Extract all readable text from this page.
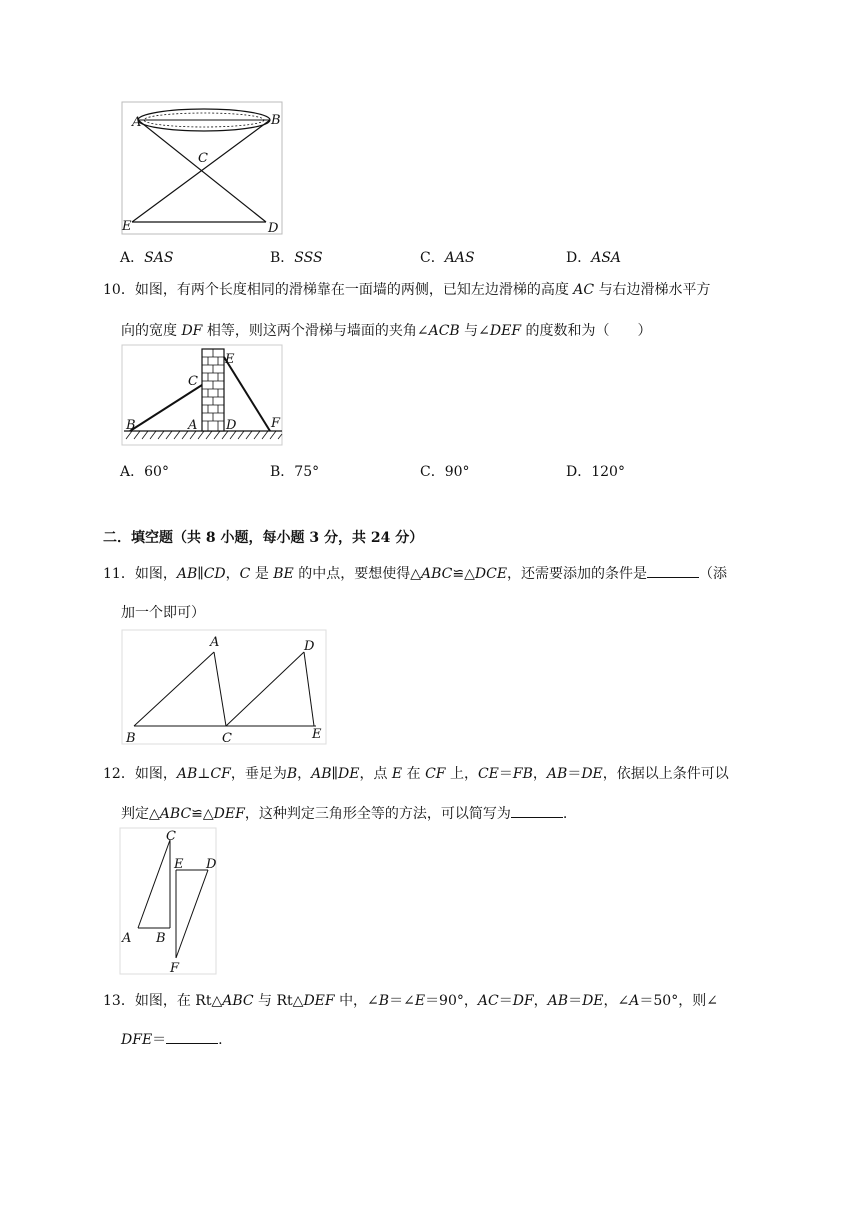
A	B
C
E	D
A．SAS	B．SSS	C．AAS	D．ASA
10．如图，有两个长度相同的滑梯靠在一面墙的两侧，已知左边滑梯的高度 AC 与右边滑梯水平方
向的宽度 DF 相等，则这两个滑梯与墙面的夹角∠ACB 与∠DEF 的度数和为（　　）
C
E
B	A D	F
A．60°	B．75°	C．90°	D．120°
二．填空题（共 8 小题，每小题 3 分，共 24 分）
11．如图，AB∥CD，C 是 BE 的中点，要想使得△ABC≌△DCE，还需要添加的条件是	（添
加一个即可）
A	D
B	C	E
12．如图，AB⊥CF，垂足为B，AB∥DE，点 E 在 CF 上，CE＝FB，AB＝DE，依据以上条件可以
判定△ABC≌△DEF，这种判定三角形全等的方法，可以简写为	.
C
E D
A B
F
13．如图，在 Rt△ABC 与 Rt△DEF 中，∠B＝∠E＝90°，AC＝DF，AB＝DE，∠A＝50°，则∠
DFE＝	.
